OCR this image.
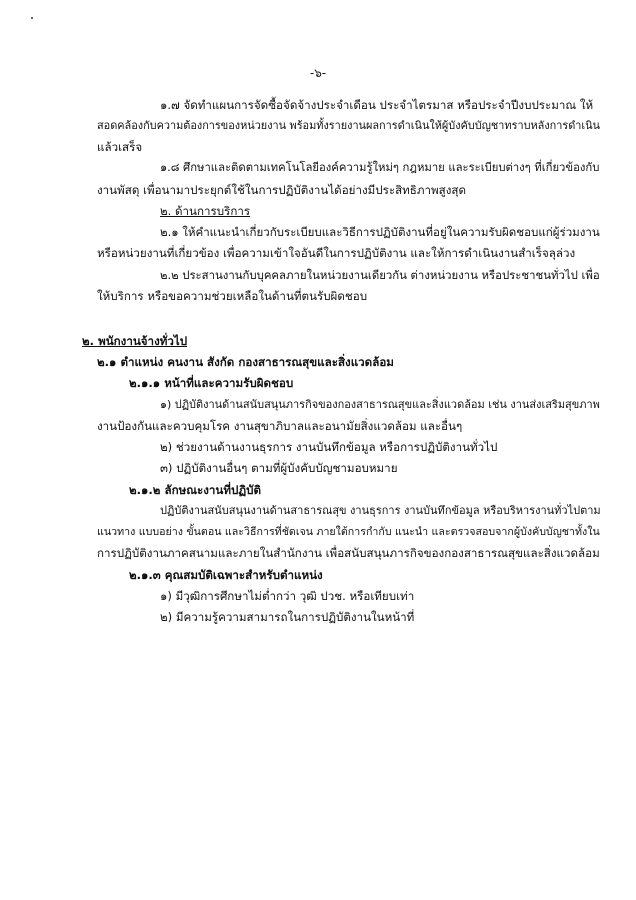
-๖-
๑.๗ จัดทำแผนการจัดซื้อจัดจ้างประจำเดือน ประจำไตรมาส หรือประจำปีงบประมาณ ให้
สอดคล้องกับความต้องการของหน่วยงาน พร้อมทั้งรายงานผลการดำเนินให้ผู้บังคับบัญชาทราบหลังการดำเนิน
แล้วเสร็จ
๑.๘ ศึกษาและติดตามเทคโนโลยีองค์ความรู้ใหม่ๆ กฎหมาย และระเบียบต่างๆ ที่เกี่ยวข้องกับ
งานพัสดุ เพื่อนามาประยุกต์ใช้ในการปฏิบัติงานได้อย่างมีประสิทธิภาพสูงสุด
๒. ด้านการบริการ
๒.๑ ให้คำแนะนำเกี่ยวกับระเบียบและวิธีการปฏิบัติงานที่อยู่ในความรับผิดชอบแก่ผู้ร่วมงาน
หรือหน่วยงานที่เกี่ยวข้อง เพื่อความเข้าใจอันดีในการปฏิบัติงาน และให้การดำเนินงานสำเร็จลุล่วง
๒.๒ ประสานงานกับบุคคลภายในหน่วยงานเดียวกัน ต่างหน่วยงาน หรือประชาชนทั่วไป เพื่อ
ให้บริการ หรือขอความช่วยเหลือในด้านที่ตนรับผิดชอบ
๒. พนักงานจ้างทั่วไป
๒.๑ ตำแหน่ง คนงาน สังกัด กองสาธารณสุขและสิ่งแวดล้อม
๒.๑.๑ หน้าที่และความรับผิดชอบ
๑) ปฏิบัติงานด้านสนับสนุนภารกิจของกองสาธารณสุขและสิ่งแวดล้อม เช่น งานส่งเสริมสุขภาพ
งานป้องกันและควบคุมโรค งานสุขาภิบาลและอนามัยสิ่งแวดล้อม และอื่นๆ
๒) ช่วยงานด้านงานธุรการ งานบันทึกข้อมูล หรือการปฏิบัติงานทั่วไป
๓) ปฏิบัติงานอื่นๆ ตามที่ผู้บังคับบัญชามอบหมาย
๒.๑.๒ ลักษณะงานที่ปฏิบัติ
ปฏิบัติงานสนับสนุนงานด้านสาธารณสุข งานธุรการ งานบันทึกข้อมูล หรือบริหารงานทั่วไปตาม
แนวทาง แบบอย่าง ขั้นตอน และวิธีการที่ชัดเจน ภายใต้การกำกับ แนะนำ และตรวจสอบจากผู้บังคับบัญชาทั้งใน
การปฏิบัติงานภาคสนามและภายในสำนักงาน เพื่อสนับสนุนภารกิจของกองสาธารณสุขและสิ่งแวดล้อม
๒.๑.๓ คุณสมบัติเฉพาะสำหรับตำแหน่ง
๑) มีวุฒิการศึกษาไม่ต่ำกว่า วุฒิ ปวช. หรือเทียบเท่า
๒) มีความรู้ความสามารถในการปฏิบัติงานในหน้าที่
